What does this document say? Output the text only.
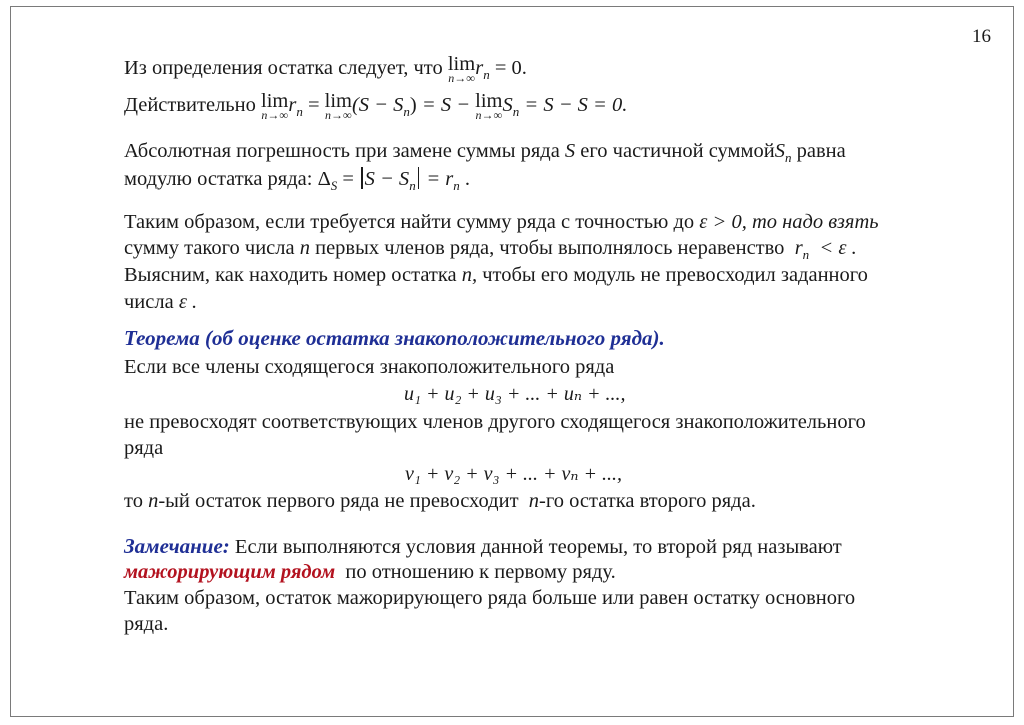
16
Из определения остатка следует, что lim
n→∞ $r_n = 0$.
Действительно lim
n→∞ $r_n = \lim$
n→∞ $(S - S_n) = S - \lim$
n→∞ $S_n = S - S = 0$.
Абсолютная погрешность при замене суммы ряда S его частичной суммойS$_n$ равна
модулю остатка ряда: $\Delta_S = S - S_n = r_n$ .
Таким образом, если требуется найти сумму ряда с точностью до ε > 0, то надо взять
сумму такого числа n первых членов ряда, чтобы выполнялось неравенство $r_n < \varepsilon$ .
Выясним, как находить номер остатка n, чтобы его модуль не превосходил заданного
числа ε .
Теорема (об оценке остатка знакоположительного ряда).
Если все члены сходящегося знакоположительного ряда
u₁ + u₂ + u₃ + ... + uₙ + ...,
не превосходят соответствующих членов другого сходящегося знакоположительного
ряда
v₁ + v₂ + v₃ + ... + vₙ + ...,
то n-ый остаток первого ряда не превосходит n-го остатка второго ряда.
Замечание: Если выполняются условия данной теоремы, то второй ряд называют
мажорирующим рядом по отношению к первому ряду.
Таким образом, остаток мажорирующего ряда больше или равен остатку основного
ряда.
